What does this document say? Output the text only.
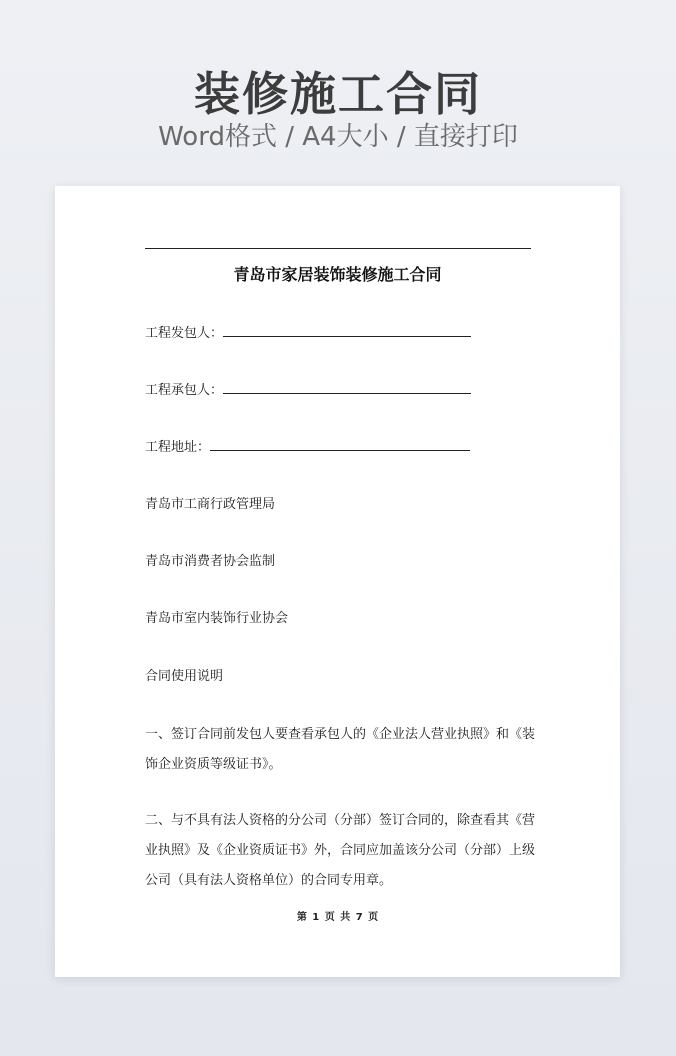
装修施工合同
Word格式 / A4大小 / 直接打印
青岛市家居装饰装修施工合同
工程发包人：
工程承包人：
工程地址：
青岛市工商行政管理局
青岛市消费者协会监制
青岛市室内装饰行业协会
合同使用说明
一、签订合同前发包人要查看承包人的《企业法人营业执照》和《装饰企业资质等级证书》。
二、与不具有法人资格的分公司（分部）签订合同的，除查看其《营业执照》及《企业资质证书》外，合同应加盖该分公司（分部）上级公司（具有法人资格单位）的合同专用章。
第 1 页 共 7 页
